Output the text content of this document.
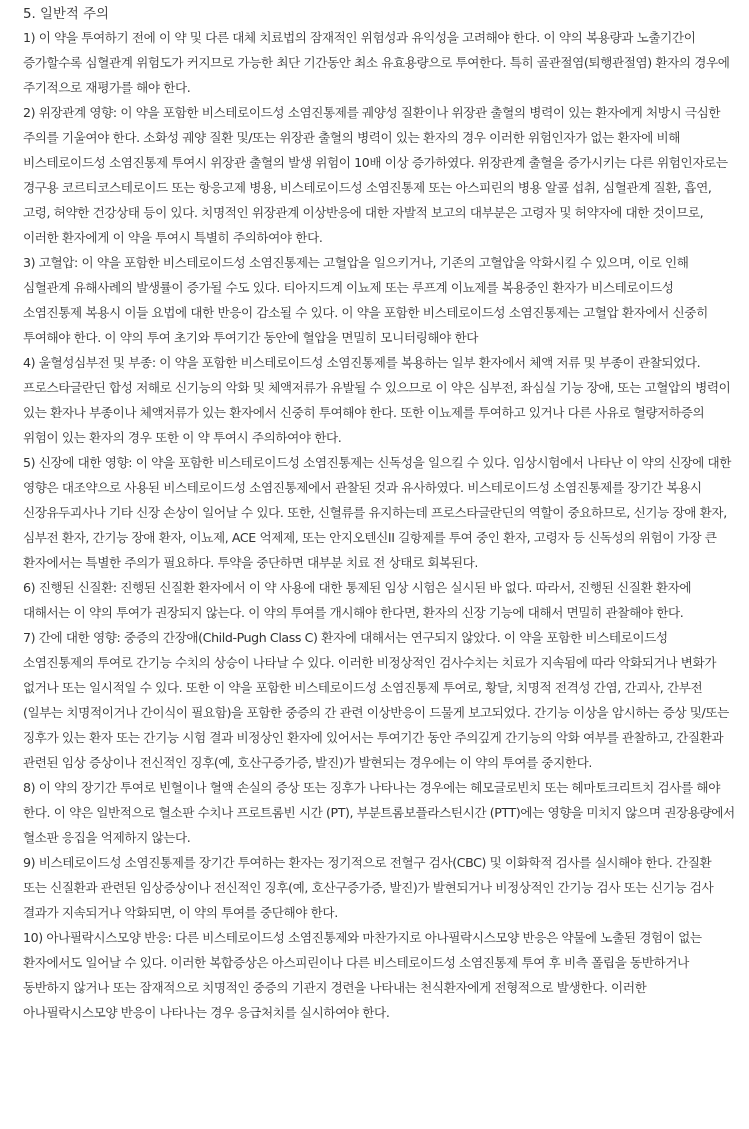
5. 일반적 주의

1) 이 약을 투여하기 전에 이 약 및 다른 대체 치료법의 잠재적인 위험성과 유익성을 고려해야 한다. 이 약의 복용량과 노출기간이 증가할수록 심혈관계 위험도가 커지므로 가능한 최단 기간동안 최소 유효용량으로 투여한다. 특히 골관절염(퇴행관절염) 환자의 경우에 주기적으로 재평가를 해야 한다.

2) 위장관계 영향: 이 약을 포함한 비스테로이드성 소염진통제를 궤양성 질환이나 위장관 출혈의 병력이 있는 환자에게 처방시 극심한 주의를 기울여야 한다. 소화성 궤양 질환 및/또는 위장관 출혈의 병력이 있는 환자의 경우 이러한 위험인자가 없는 환자에 비해 비스테로이드성 소염진통제 투여시 위장관 출혈의 발생 위험이 10배 이상 증가하였다. 위장관계 출혈을 증가시키는 다른 위험인자로는 경구용 코르티코스테로이드 또는 항응고제 병용, 비스테로이드성 소염진통제 또는 아스피린의 병용 알콜 섭취, 심혈관계 질환, 흡연, 고령, 허약한 건강상태 등이 있다. 치명적인 위장관계 이상반응에 대한 자발적 보고의 대부분은 고령자 및 허약자에 대한 것이므로, 이러한 환자에게 이 약을 투여시 특별히 주의하여야 한다.

3) 고혈압: 이 약을 포함한 비스테로이드성 소염진통제는 고혈압을 일으키거나, 기존의 고혈압을 악화시킬 수 있으며, 이로 인해 심혈관계 유해사례의 발생률이 증가될 수도 있다. 티아지드계 이뇨제 또는 루프계 이뇨제를 복용중인 환자가 비스테로이드성 소염진통제 복용시 이들 요법에 대한 반응이 감소될 수 있다. 이 약을 포함한 비스테로이드성 소염진통제는 고혈압 환자에서 신중히 투여해야 한다. 이 약의 투여 초기와 투여기간 동안에 혈압을 면밀히 모니터링해야 한다

4) 울혈성심부전 및 부종: 이 약을 포함한 비스테로이드성 소염진통제를 복용하는 일부 환자에서 체액 저류 및 부종이 관찰되었다. 프로스타글란딘 합성 저해로 신기능의 악화 및 체액저류가 유발될 수 있으므로 이 약은 심부전, 좌심실 기능 장애, 또는 고혈압의 병력이 있는 환자나 부종이나 체액저류가 있는 환자에서 신중히 투여해야 한다. 또한 이뇨제를 투여하고 있거나 다른 사유로 혈량저하증의 위험이 있는 환자의 경우 또한 이 약 투여시 주의하여야 한다.

5) 신장에 대한 영향: 이 약을 포함한 비스테로이드성 소염진통제는 신독성을 일으킬 수 있다. 임상시험에서 나타난 이 약의 신장에 대한 영향은 대조약으로 사용된 비스테로이드성 소염진통제에서 관찰된 것과 유사하였다. 비스테로이드성 소염진통제를 장기간 복용시 신장유두괴사나 기타 신장 손상이 일어날 수 있다. 또한, 신혈류를 유지하는데 프로스타글란딘의 역할이 중요하므로, 신기능 장애 환자, 심부전 환자, 간기능 장애 환자, 이뇨제, ACE 억제제, 또는 안지오텐신II 길항제를 투여 중인 환자, 고령자 등 신독성의 위험이 가장 큰 환자에서는 특별한 주의가 필요하다. 투약을 중단하면 대부분 치료 전 상태로 회복된다.

6) 진행된 신질환: 진행된 신질환 환자에서 이 약 사용에 대한 통제된 임상 시험은 실시된 바 없다. 따라서, 진행된 신질환 환자에 대해서는 이 약의 투여가 권장되지 않는다. 이 약의 투여를 개시해야 한다면, 환자의 신장 기능에 대해서 면밀히 관찰해야 한다.

7) 간에 대한 영향: 중증의 간장애(Child-Pugh Class C) 환자에 대해서는 연구되지 않았다. 이 약을 포함한 비스테로이드성 소염진통제의 투여로 간기능 수치의 상승이 나타날 수 있다. 이러한 비정상적인 검사수치는 치료가 지속됨에 따라 악화되거나 변화가 없거나 또는 일시적일 수 있다. 또한 이 약을 포함한 비스테로이드성 소염진통제 투여로, 황달, 치명적 전격성 간염, 간괴사, 간부전(일부는 치명적이거나 간이식이 필요함)을 포함한 중증의 간 관련 이상반응이 드물게 보고되었다. 간기능 이상을 암시하는 증상 및/또는 징후가 있는 환자 또는 간기능 시험 결과 비정상인 환자에 있어서는 투여기간 동안 주의깊게 간기능의 악화 여부를 관찰하고, 간질환과 관련된 임상 증상이나 전신적인 징후(예, 호산구증가증, 발진)가 발현되는 경우에는 이 약의 투여를 중지한다.

8) 이 약의 장기간 투여로 빈혈이나 혈액 손실의 증상 또는 징후가 나타나는 경우에는 헤모글로빈치 또는 헤마토크리트치 검사를 해야 한다. 이 약은 일반적으로 혈소판 수치나 프로트롬빈 시간 (PT), 부분트롬보플라스틴시간 (PTT)에는 영향을 미치지 않으며 권장용량에서 혈소판 응집을 억제하지 않는다.

9) 비스테로이드성 소염진통제를 장기간 투여하는 환자는 정기적으로 전혈구 검사(CBC) 및 이화학적 검사를 실시해야 한다. 간질환 또는 신질환과 관련된 임상증상이나 전신적인 징후(예, 호산구증가증, 발진)가 발현되거나 비정상적인 간기능 검사 또는 신기능 검사 결과가 지속되거나 악화되면, 이 약의 투여를 중단해야 한다.

10) 아나필락시스모양 반응: 다른 비스테로이드성 소염진통제와 마찬가지로 아나필락시스모양 반응은 약물에 노출된 경험이 없는 환자에서도 일어날 수 있다. 이러한 복합증상은 아스피린이나 다른 비스테로이드성 소염진통제 투여 후 비측 폴립을 동반하거나 동반하지 않거나 또는 잠재적으로 치명적인 중증의 기관지 경련을 나타내는 천식환자에게 전형적으로 발생한다. 이러한 아나필락시스모양 반응이 나타나는 경우 응급처치를 실시하여야 한다.
